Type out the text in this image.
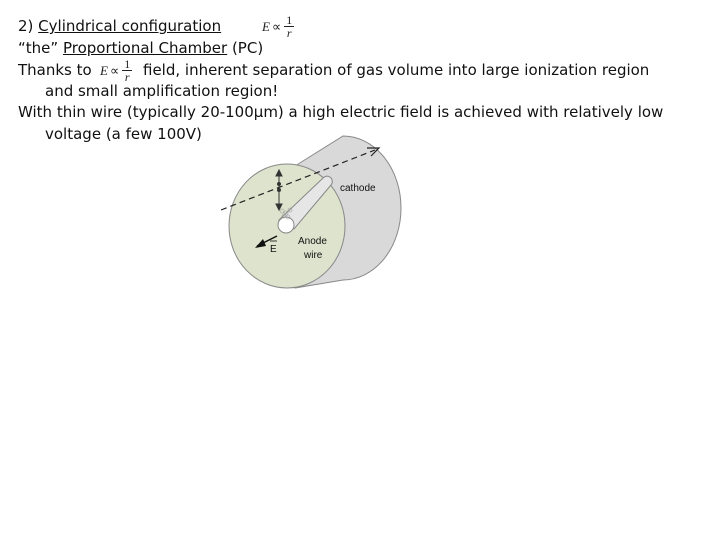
2) Cylindrical configuration	$E \propto \frac{1}{r}$
“the” Proportional Chamber (PC)
Thanks to $E \propto \frac{1}{r}$ field, inherent separation of gas volume into large ionization region
and small amplification region!
With thin wire (typically 20-100μm) a high electric field is achieved with relatively low
voltage (a few 100V)
E
Anode
wire
cathode
